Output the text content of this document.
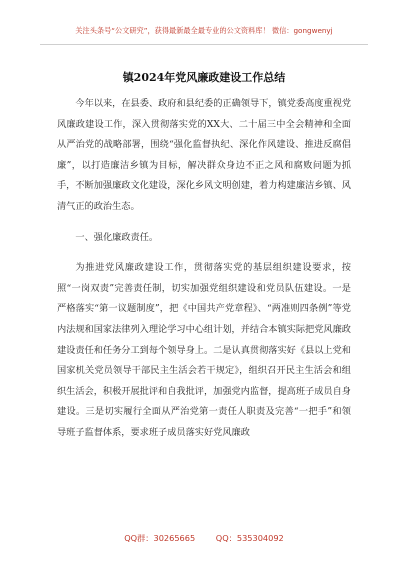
关注头条号“公文研究”，获得最新最全最专业的公文资料库！ 微信：gongwenyj
镇2024年党风廉政建设工作总结

今年以来，在县委、政府和县纪委的正确领导下，镇党委高度重视党风廉政建设工作，深入贯彻落实党的XX大、二十届三中全会精神和全面从严治党的战略部署，围绕“强化监督执纪、深化作风建设、推进反腐倡廉”，以打造廉洁乡镇为目标，解决群众身边不正之风和腐败问题为抓手，不断加强廉政文化建设，深化乡风文明创建，着力构建廉洁乡镇、风清气正的政治生态。

一、强化廉政责任。

为推进党风廉政建设工作，贯彻落实党的基层组织建设要求，按照“一岗双责”完善责任制，切实加强党组织建设和党员队伍建设。一是严格落实“第一议题制度”，把《中国共产党章程》、“两准则四条例”等党内法规和国家法律列入理论学习中心组计划，并结合本镇实际把党风廉政建设责任和任务分工到每个领导身上。二是认真贯彻落实好《县以上党和国家机关党员领导干部民主生活会若干规定》，组织召开民主生活会和组织生活会，积极开展批评和自我批评，加强党内监督，提高班子成员自身建设。三是切实履行全面从严治党第一责任人职责及完善“一把手”和领导班子监督体系，要求班子成员落实好党风廉政

QQ群：30265665	QQ：535304092
